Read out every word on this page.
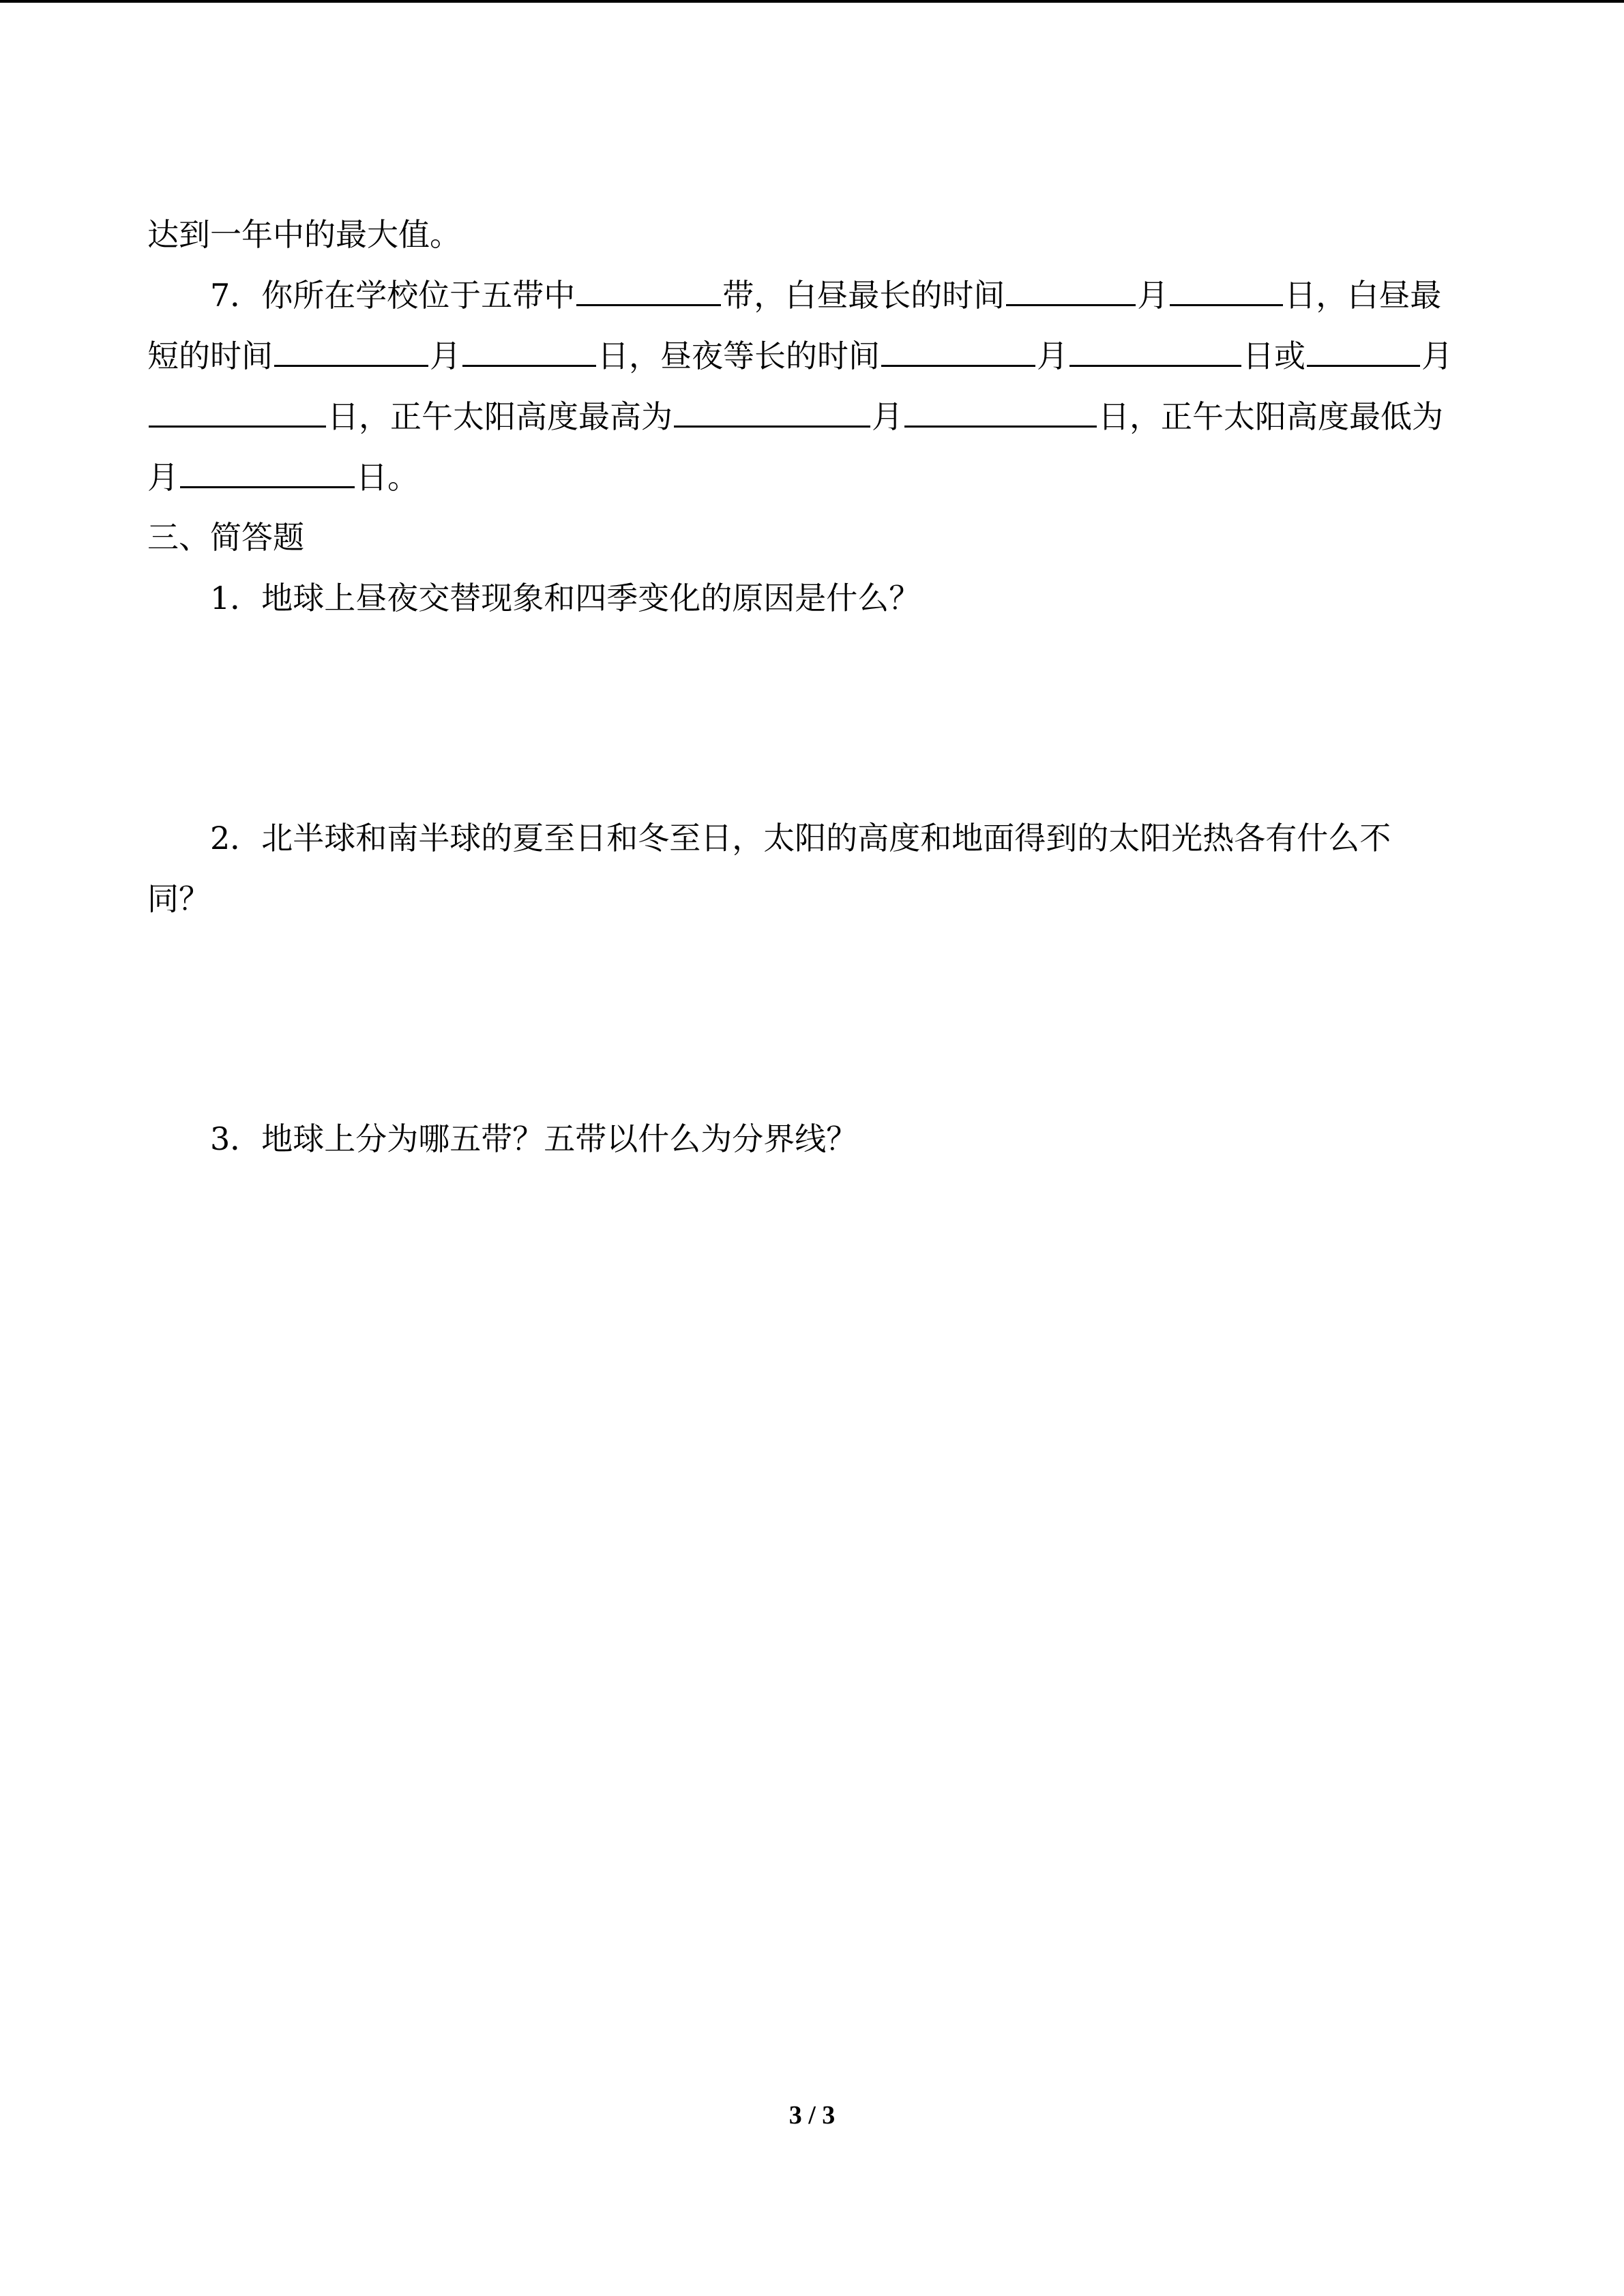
达到一年中的最大值。
7．你所在学校位于五带中	带，白昼最长的时间	月	日，白昼最
短的时间	月	日，昼夜等长的时间	月	日或	月
日，正午太阳高度最高为	月	日，正午太阳高度最低为
月	日。
三、简答题
1．地球上昼夜交替现象和四季变化的原因是什么？
2．北半球和南半球的夏至日和冬至日，太阳的高度和地面得到的太阳光热各有什么不
同？
3．地球上分为哪五带？五带以什么为分界线？
3 / 3
